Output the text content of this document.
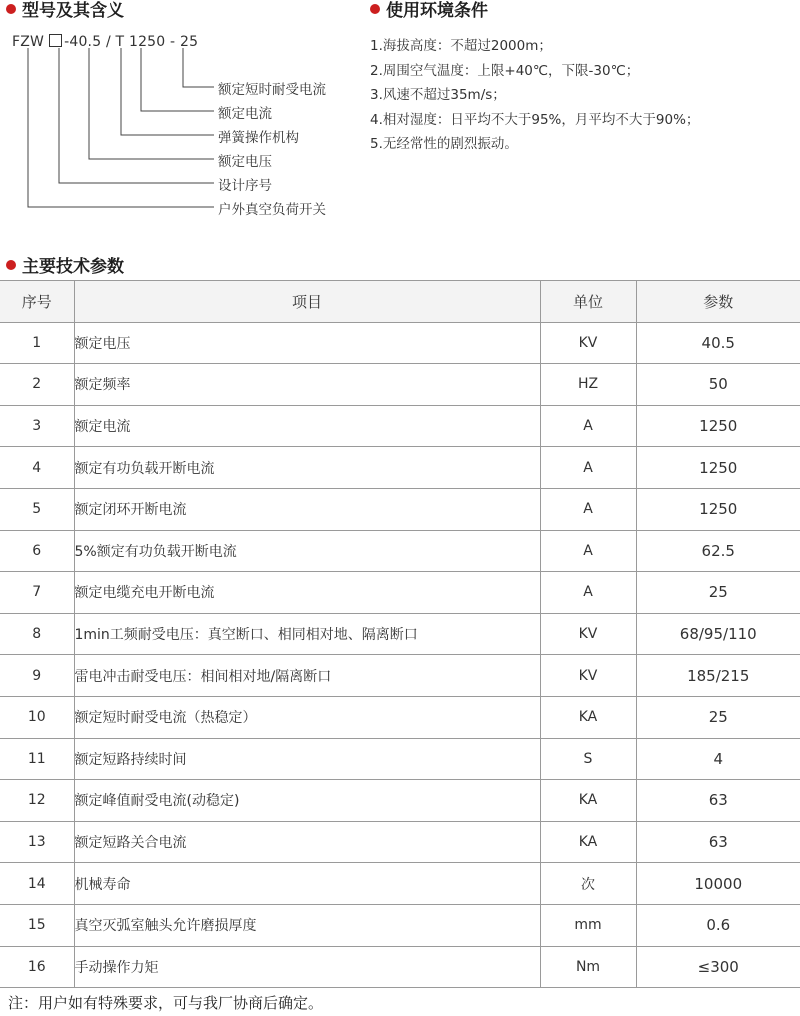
型号及其含义
FZW -40.5 / T 1250 - 25
额定短时耐受电流
额定电流
弹簧操作机构
额定电压
设计序号
户外真空负荷开关
使用环境条件
1.海拔高度：不超过2000m；
2.周围空气温度：上限+40℃，下限-30℃；
3.风速不超过35m/s；
4.相对湿度：日平均不大于95%，月平均不大于90%；
5.无经常性的剧烈振动。
主要技术参数
序号	项目	单位	参数
1	额定电压	KV	40.5
2	额定频率	HZ	50
3	额定电流	A	1250
4	额定有功负载开断电流	A	1250
5	额定闭环开断电流	A	1250
6	5%额定有功负载开断电流	A	62.5
7	额定电缆充电开断电流	A	25
8	1min工频耐受电压：真空断口、相同相对地、隔离断口	KV	68/95/110
9	雷电冲击耐受电压：相间相对地/隔离断口	KV	185/215
10	额定短时耐受电流（热稳定）	KA	25
11	额定短路持续时间	S	4
12	额定峰值耐受电流(动稳定)	KA	63
13	额定短路关合电流	KA	63
14	机械寿命	次	10000
15	真空灭弧室触头允许磨损厚度	mm	0.6
16	手动操作力矩	Nm	≤300
注：用户如有特殊要求，可与我厂协商后确定。
